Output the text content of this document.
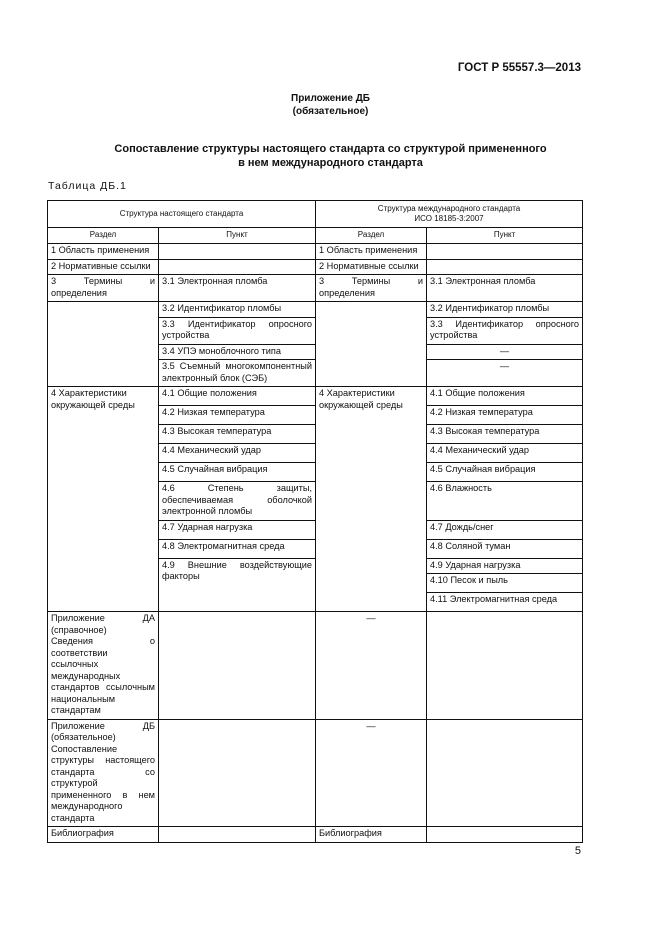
ГОСТ Р 55557.3—2013
Приложение ДБ
(обязательное)
Сопоставление структуры настоящего стандарта со структурой примененного
в нем международного стандарта
Таблица ДБ.1
Структура настоящего стандарта		Структура международного стандарта
ИСО 18185-3:2007	

Раздел	Пункт	Раздел	Пункт
1 Область применения		1 Область применения	
2 Нормативные ссылки		2 Нормативные ссылки	
3 Термины и определения	3.1 Электронная пломба	3 Термины и определения	3.1 Электронная пломба
	3.2 Идентификатор пломбы		3.2 Идентификатор пломбы
	3.3 Идентификатор опросного устройства		3.3 Идентификатор опросного устройства
	3.4 УПЭ моноблочного типа		—
	3.5 Съемный многокомпонентный электронный блок (СЭБ)		—
4 Характеристики окружающей среды	4.1 Общие положения	4 Характеристики окружающей среды	4.1 Общие положения
	4.2 Низкая температура		4.2 Низкая температура
	4.3 Высокая температура		4.3 Высокая температура
	4.4 Механический удар		4.4 Механический удар
	4.5 Случайная вибрация		4.5 Случайная вибрация
	4.6 Степень защиты, обеспечиваемая оболочкой электронной пломбы		4.6 Влажность
	4.7 Ударная нагрузка		4.7 Дождь/снег
	4.8 Электромагнитная среда		4.8 Соляной туман
	4.9 Внешние воздействующие факторы		4.9 Ударная нагрузка
			4.10 Песок и пыль
			4.11 Электромагнитная среда

Приложение ДА (справочное)
Сведения о соответствии ссылочных международных стандартов ссылочным национальным стандартам		—	

Приложение ДБ (обязательное)
Сопоставление структуры настоящего стандарта со структурой примененного в нем международного стандарта		—	
Библиография		Библиография	
5
